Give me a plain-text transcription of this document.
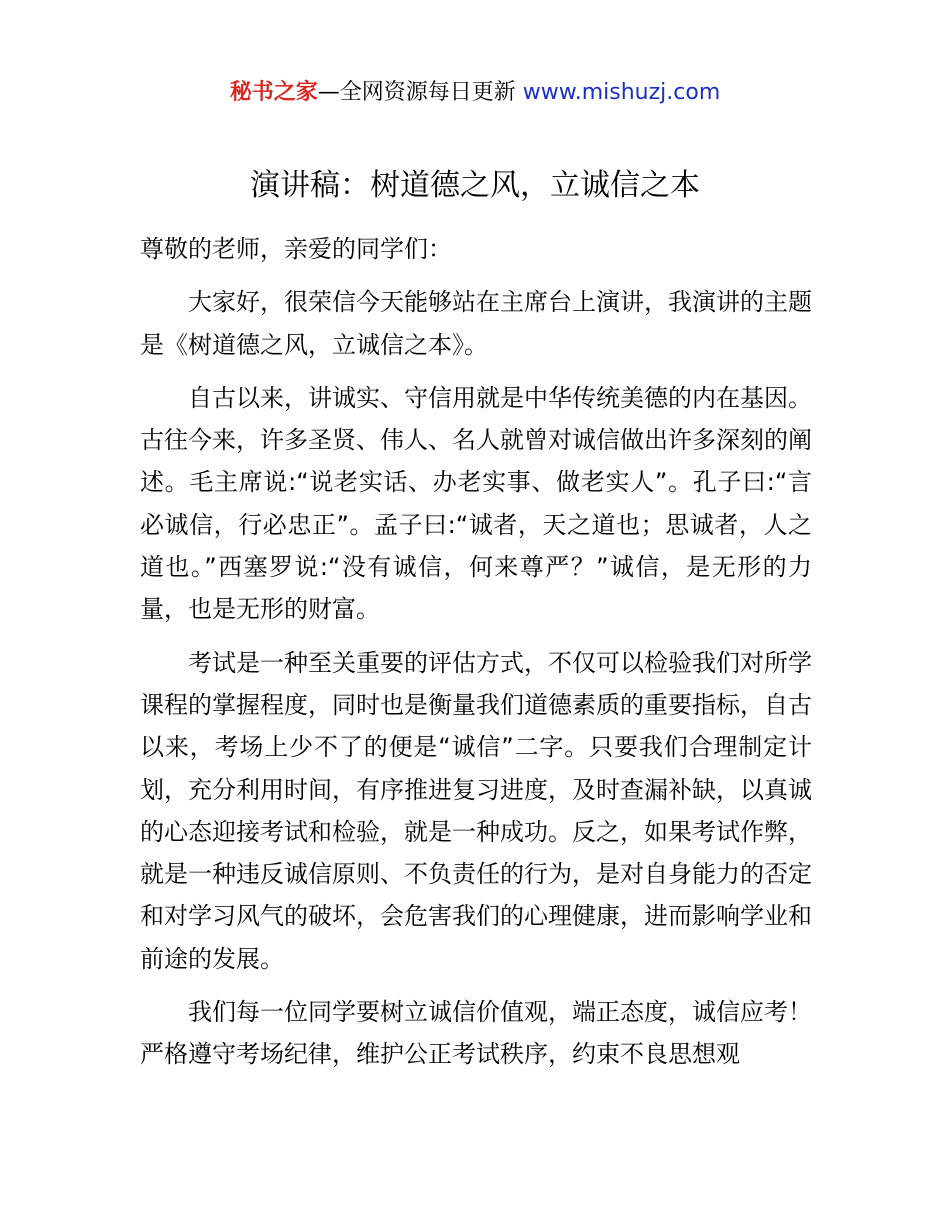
秘书之家—全网资源每日更新 www.mishuzj.com
演讲稿：树道德之风，立诚信之本

尊敬的老师，亲爱的同学们：

大家好，很荣信今天能够站在主席台上演讲，我演讲的主题是《树道德之风，立诚信之本》。

自古以来，讲诚实、守信用就是中华传统美德的内在基因。古往今来，许多圣贤、伟人、名人就曾对诚信做出许多深刻的阐述。毛主席说:“说老实话、办老实事、做老实人”。孔子曰:“言必诚信，行必忠正”。孟子曰:“诚者，天之道也；思诚者，人之道也。”西塞罗说:“没有诚信，何来尊严？”诚信，是无形的力量，也是无形的财富。

考试是一种至关重要的评估方式，不仅可以检验我们对所学课程的掌握程度，同时也是衡量我们道德素质的重要指标，自古以来，考场上少不了的便是“诚信”二字。只要我们合理制定计划，充分利用时间，有序推进复习进度，及时查漏补缺，以真诚的心态迎接考试和检验，就是一种成功。反之，如果考试作弊，就是一种违反诚信原则、不负责任的行为，是对自身能力的否定和对学习风气的破坏，会危害我们的心理健康，进而影响学业和前途的发展。

我们每一位同学要树立诚信价值观，端正态度，诚信应考！严格遵守考场纪律，维护公正考试秩序，约束不良思想观
